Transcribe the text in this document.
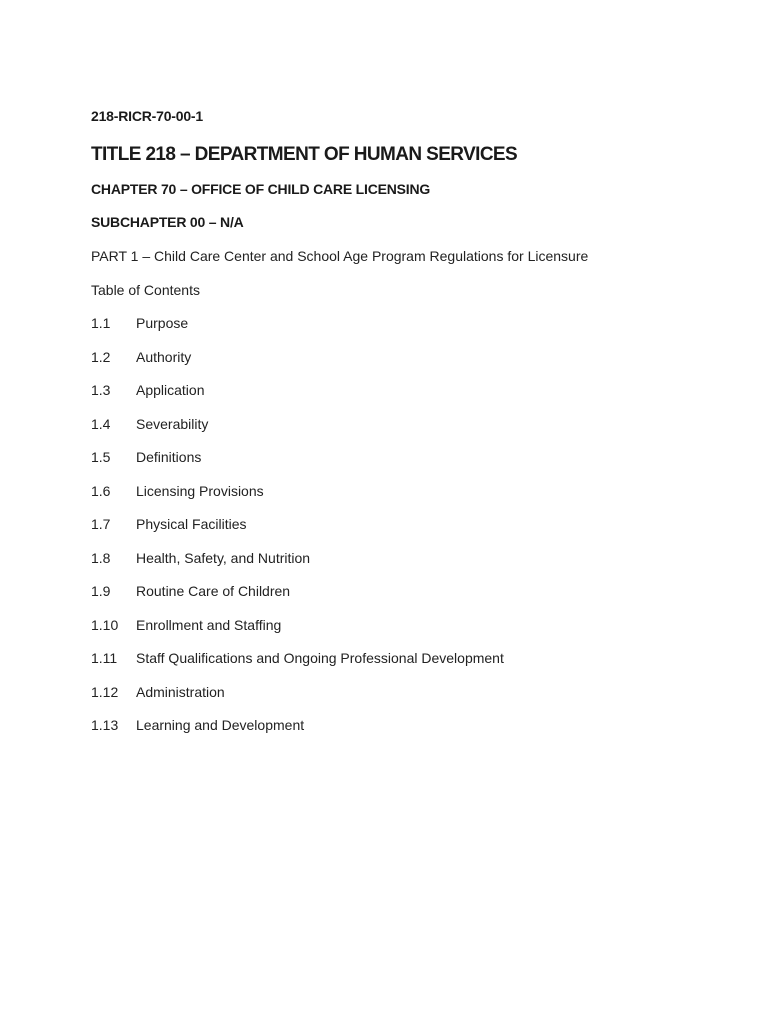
218-RICR-70-00-1
TITLE 218 – DEPARTMENT OF HUMAN SERVICES
CHAPTER 70 – OFFICE OF CHILD CARE LICENSING
SUBCHAPTER 00 – N/A
PART 1 – Child Care Center and School Age Program Regulations for Licensure
Table of Contents
1.1	Purpose
1.2	Authority
1.3	Application
1.4	Severability
1.5	Definitions
1.6	Licensing Provisions
1.7	Physical Facilities
1.8	Health, Safety, and Nutrition
1.9	Routine Care of Children
1.10	Enrollment and Staffing
1.11	Staff Qualifications and Ongoing Professional Development
1.12	Administration
1.13	Learning and Development
